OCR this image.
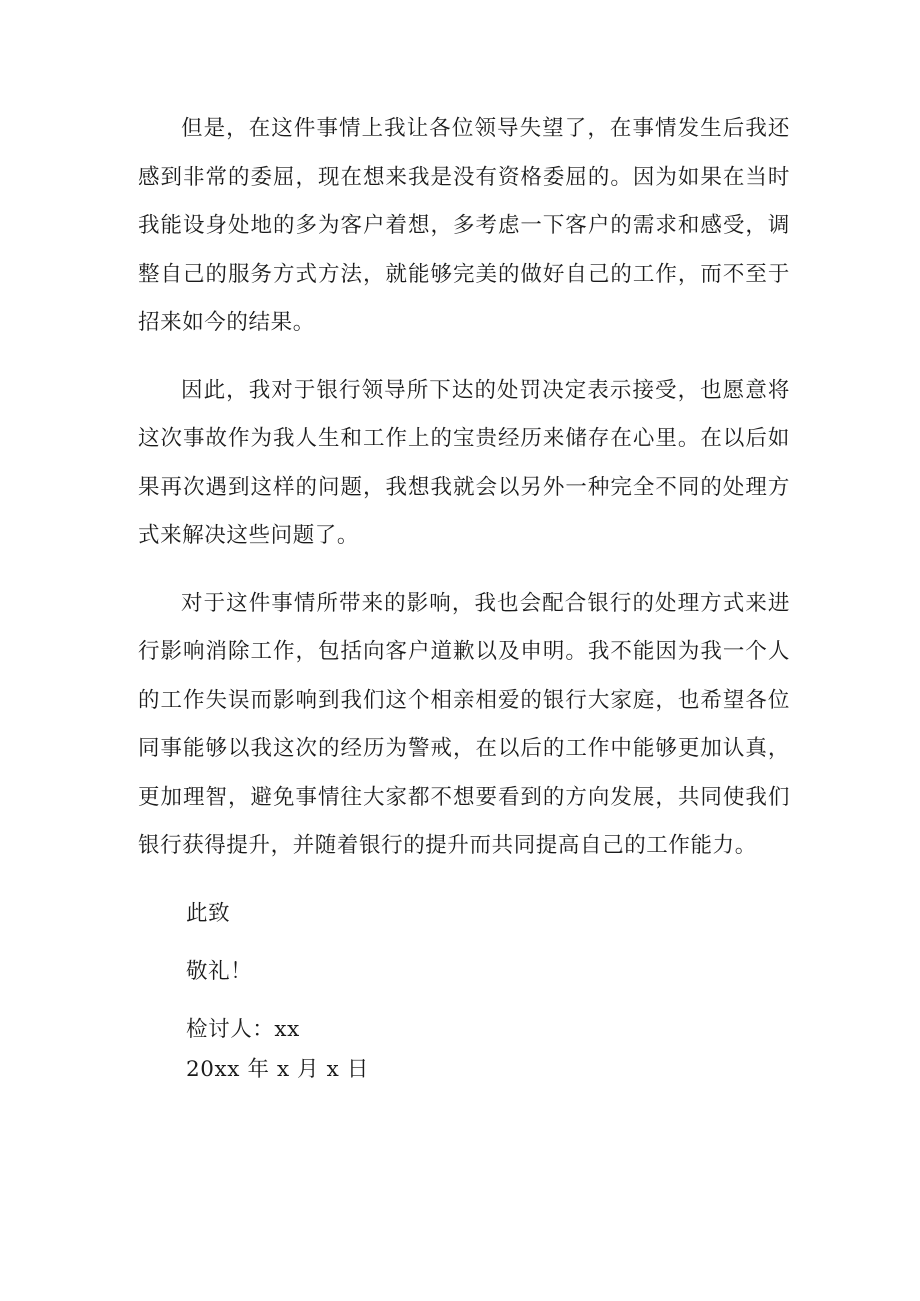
但是，在这件事情上我让各位领导失望了，在事情发生后我还感到非常的委屈，现在想来我是没有资格委屈的。因为如果在当时我能设身处地的多为客户着想，多考虑一下客户的需求和感受，调整自己的服务方式方法，就能够完美的做好自己的工作，而不至于招来如今的结果。

因此，我对于银行领导所下达的处罚决定表示接受，也愿意将这次事故作为我人生和工作上的宝贵经历来储存在心里。在以后如果再次遇到这样的问题，我想我就会以另外一种完全不同的处理方式来解决这些问题了。

对于这件事情所带来的影响，我也会配合银行的处理方式来进行影响消除工作，包括向客户道歉以及申明。我不能因为我一个人的工作失误而影响到我们这个相亲相爱的银行大家庭，也希望各位同事能够以我这次的经历为警戒，在以后的工作中能够更加认真，更加理智，避免事情往大家都不想要看到的方向发展，共同使我们银行获得提升，并随着银行的提升而共同提高自己的工作能力。

此致

敬礼！

检讨人：xx

20xx 年 x 月 x 日
